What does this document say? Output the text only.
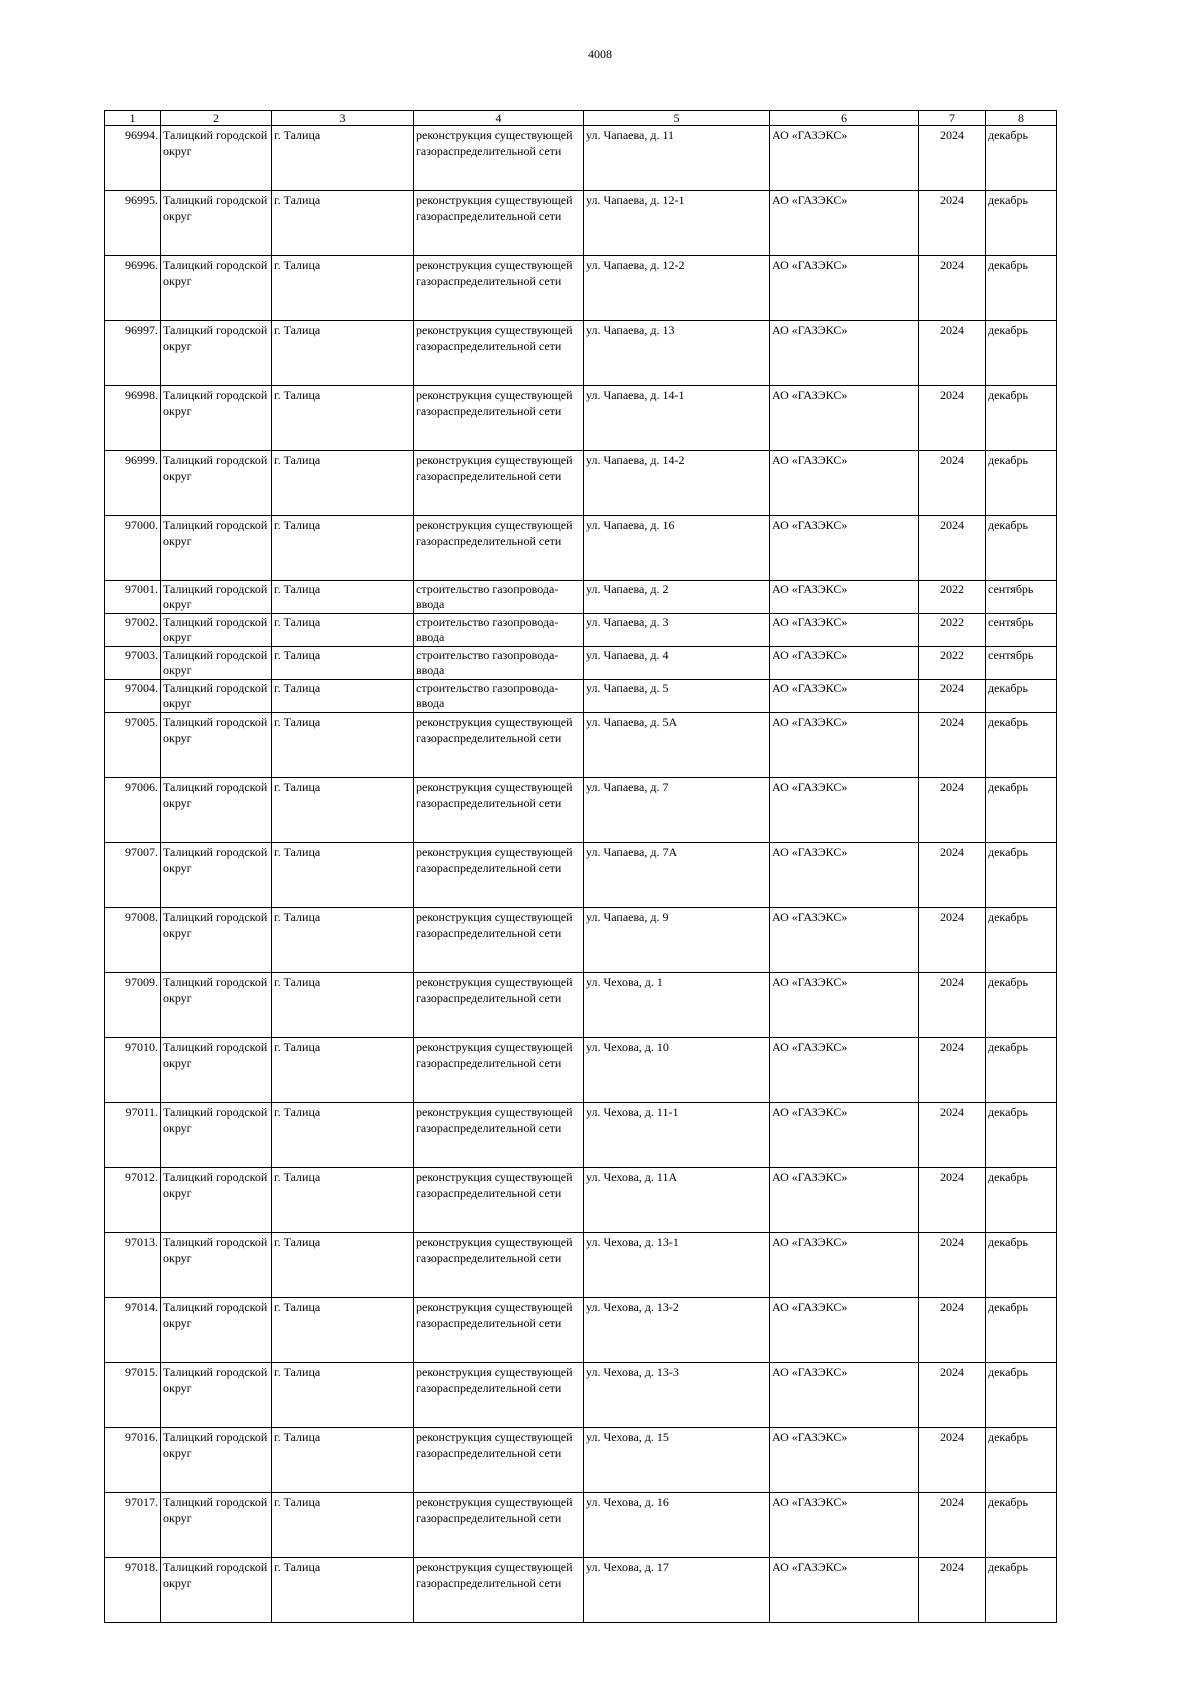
4008
1	2	3	4	5	6	7	8
96994.	Талицкий городской округ	г. Талица	реконструкция существующей газораспределительной сети	ул. Чапаева, д. 11	АО «ГАЗЭКС»	2024	декабрь
96995.	Талицкий городской округ	г. Талица	реконструкция существующей газораспределительной сети	ул. Чапаева, д. 12-1	АО «ГАЗЭКС»	2024	декабрь
96996.	Талицкий городской округ	г. Талица	реконструкция существующей газораспределительной сети	ул. Чапаева, д. 12-2	АО «ГАЗЭКС»	2024	декабрь
96997.	Талицкий городской округ	г. Талица	реконструкция существующей газораспределительной сети	ул. Чапаева, д. 13	АО «ГАЗЭКС»	2024	декабрь
96998.	Талицкий городской округ	г. Талица	реконструкция существующей газораспределительной сети	ул. Чапаева, д. 14-1	АО «ГАЗЭКС»	2024	декабрь
96999.	Талицкий городской округ	г. Талица	реконструкция существующей газораспределительной сети	ул. Чапаева, д. 14-2	АО «ГАЗЭКС»	2024	декабрь
97000.	Талицкий городской округ	г. Талица	реконструкция существующей газораспределительной сети	ул. Чапаева, д. 16	АО «ГАЗЭКС»	2024	декабрь
97001.	Талицкий городской округ	г. Талица	строительство газопровода-ввода	ул. Чапаева, д. 2	АО «ГАЗЭКС»	2022	сентябрь
97002.	Талицкий городской округ	г. Талица	строительство газопровода-ввода	ул. Чапаева, д. 3	АО «ГАЗЭКС»	2022	сентябрь
97003.	Талицкий городской округ	г. Талица	строительство газопровода-ввода	ул. Чапаева, д. 4	АО «ГАЗЭКС»	2022	сентябрь
97004.	Талицкий городской округ	г. Талица	строительство газопровода-ввода	ул. Чапаева, д. 5	АО «ГАЗЭКС»	2024	декабрь
97005.	Талицкий городской округ	г. Талица	реконструкция существующей газораспределительной сети	ул. Чапаева, д. 5А	АО «ГАЗЭКС»	2024	декабрь
97006.	Талицкий городской округ	г. Талица	реконструкция существующей газораспределительной сети	ул. Чапаева, д. 7	АО «ГАЗЭКС»	2024	декабрь
97007.	Талицкий городской округ	г. Талица	реконструкция существующей газораспределительной сети	ул. Чапаева, д. 7А	АО «ГАЗЭКС»	2024	декабрь
97008.	Талицкий городской округ	г. Талица	реконструкция существующей газораспределительной сети	ул. Чапаева, д. 9	АО «ГАЗЭКС»	2024	декабрь
97009.	Талицкий городской округ	г. Талица	реконструкция существующей газораспределительной сети	ул. Чехова, д. 1	АО «ГАЗЭКС»	2024	декабрь
97010.	Талицкий городской округ	г. Талица	реконструкция существующей газораспределительной сети	ул. Чехова, д. 10	АО «ГАЗЭКС»	2024	декабрь
97011.	Талицкий городской округ	г. Талица	реконструкция существующей газораспределительной сети	ул. Чехова, д. 11-1	АО «ГАЗЭКС»	2024	декабрь
97012.	Талицкий городской округ	г. Талица	реконструкция существующей газораспределительной сети	ул. Чехова, д. 11А	АО «ГАЗЭКС»	2024	декабрь
97013.	Талицкий городской округ	г. Талица	реконструкция существующей газораспределительной сети	ул. Чехова, д. 13-1	АО «ГАЗЭКС»	2024	декабрь
97014.	Талицкий городской округ	г. Талица	реконструкция существующей газораспределительной сети	ул. Чехова, д. 13-2	АО «ГАЗЭКС»	2024	декабрь
97015.	Талицкий городской округ	г. Талица	реконструкция существующей газораспределительной сети	ул. Чехова, д. 13-3	АО «ГАЗЭКС»	2024	декабрь
97016.	Талицкий городской округ	г. Талица	реконструкция существующей газораспределительной сети	ул. Чехова, д. 15	АО «ГАЗЭКС»	2024	декабрь
97017.	Талицкий городской округ	г. Талица	реконструкция существующей газораспределительной сети	ул. Чехова, д. 16	АО «ГАЗЭКС»	2024	декабрь
97018.	Талицкий городской округ	г. Талица	реконструкция существующей газораспределительной сети	ул. Чехова, д. 17	АО «ГАЗЭКС»	2024	декабрь
